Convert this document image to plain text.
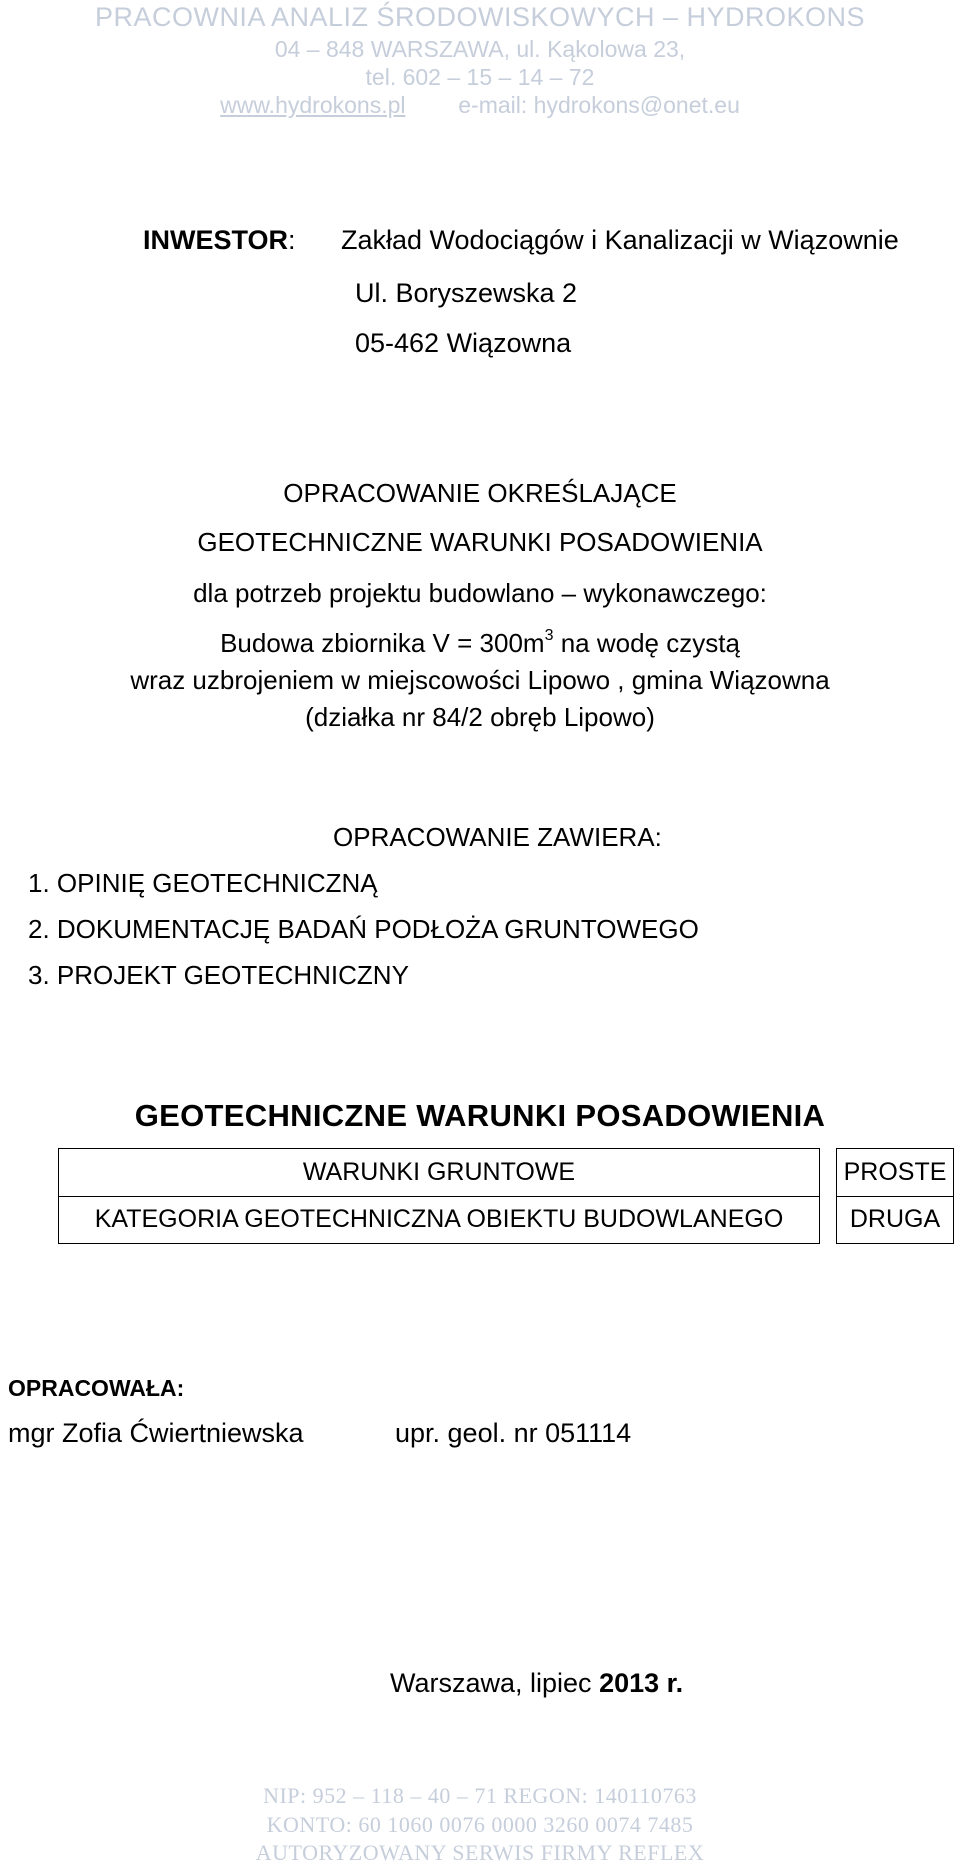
PRACOWNIA ANALIZ ŚRODOWISKOWYCH – HYDROKONS
04 – 848 WARSZAWA, ul. Kąkolowa 23,
tel. 602 – 15 – 14 – 72
www.hydrokons.pl e-mail: hydrokons@onet.eu
INWESTOR: Zakład Wodociągów i Kanalizacji w Wiązownie
Ul. Boryszewska 2
05-462 Wiązowna
OPRACOWANIE OKREŚLAJĄCE
GEOTECHNICZNE WARUNKI POSADOWIENIA
dla potrzeb projektu budowlano – wykonawczego:
Budowa zbiornika $V = 300m^3$ na wodę czystą
wraz uzbrojeniem w miejscowości Lipowo , gmina Wiązowna
(działka nr 84/2 obręb Lipowo)
OPRACOWANIE ZAWIERA:
1. OPINIĘ GEOTECHNICZNĄ
2. DOKUMENTACJĘ BADAŃ PODŁOŻA GRUNTOWEGO
3. PROJEKT GEOTECHNICZNY
GEOTECHNICZNE WARUNKI POSADOWIENIA
WARUNKI GRUNTOWE		PROSTE
KATEGORIA GEOTECHNICZNA OBIEKTU BUDOWLANEGO		DRUGA
OPRACOWAŁA:
mgr Zofia Ćwiertniewska	upr. geol. nr 051114
Warszawa, lipiec 2013 r.
NIP: 952 – 118 – 40 – 71 REGON: 140110763
KONTO: 60 1060 0076 0000 3260 0074 7485
AUTORYZOWANY SERWIS FIRMY REFLEX
